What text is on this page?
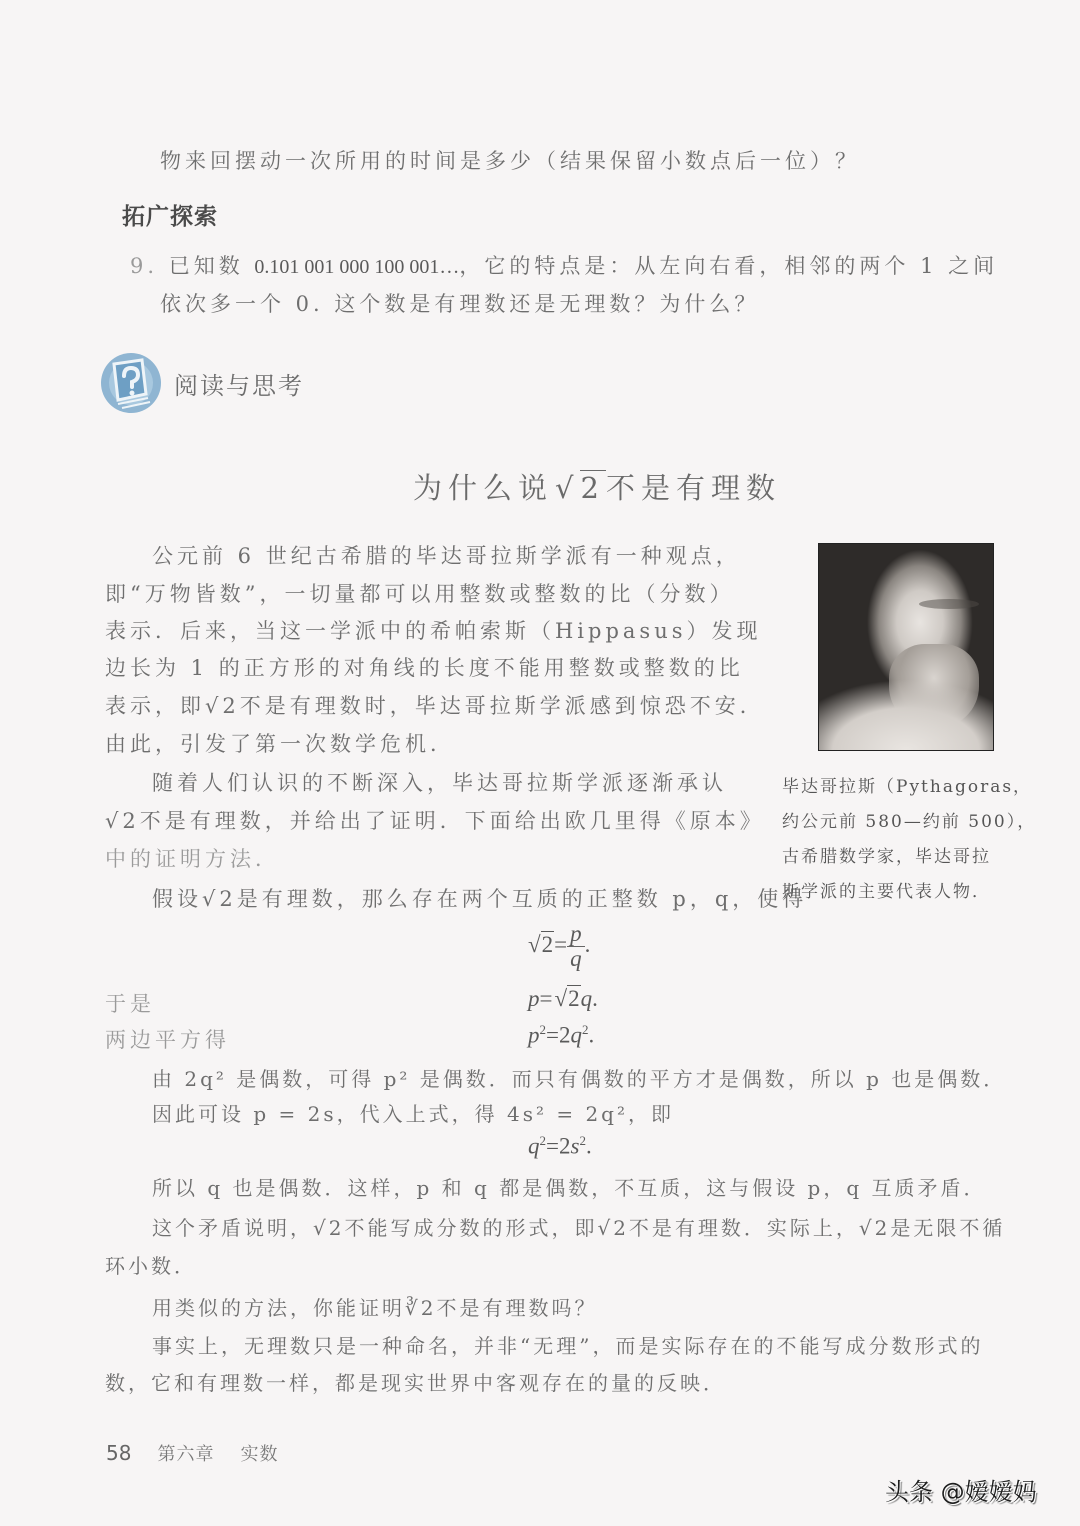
物来回摆动一次所用的时间是多少（结果保留小数点后一位）？
拓广探索
9. 已知数 0.101 001 000 100 001…，它的特点是：从左向右看，相邻的两个 1 之间
依次多一个 0. 这个数是有理数还是无理数？为什么？
阅读与思考
为什么说√2不是有理数
公元前 6 世纪古希腊的毕达哥拉斯学派有一种观点，
即“万物皆数”，一切量都可以用整数或整数的比（分数）
表示．后来，当这一学派中的希帕索斯（Hippasus）发现
边长为 1 的正方形的对角线的长度不能用整数或整数的比
表示，即√2不是有理数时，毕达哥拉斯学派感到惊恐不安．
由此，引发了第一次数学危机．
随着人们认识的不断深入，毕达哥拉斯学派逐渐承认
√2不是有理数，并给出了证明．下面给出欧几里得《原本》
中的证明方法．
假设√2是有理数，那么存在两个互质的正整数 p，q，使得
$√2= \frac{p}{q}$ .
于是	p=√2q.
两边平方得	$p^2=2q^2$.
由 2q² 是偶数，可得 p² 是偶数．而只有偶数的平方才是偶数，所以 p 也是偶数．
因此可设 p = 2s，代入上式，得 4s² = 2q²，即
$q^2=2s^2$.
所以 q 也是偶数．这样，p 和 q 都是偶数，不互质，这与假设 p，q 互质矛盾．
这个矛盾说明，√2不能写成分数的形式，即√2不是有理数．实际上，√2是无限不循
环小数．
用类似的方法，你能证明∛2不是有理数吗？
事实上，无理数只是一种命名，并非“无理”，而是实际存在的不能写成分数形式的
数，它和有理数一样，都是现实世界中客观存在的量的反映．
毕达哥拉斯（Pythagoras，
约公元前 580—约前 500），
古希腊数学家，毕达哥拉
斯学派的主要代表人物．
58 第六章 实数
头条 @嫒嫒妈
